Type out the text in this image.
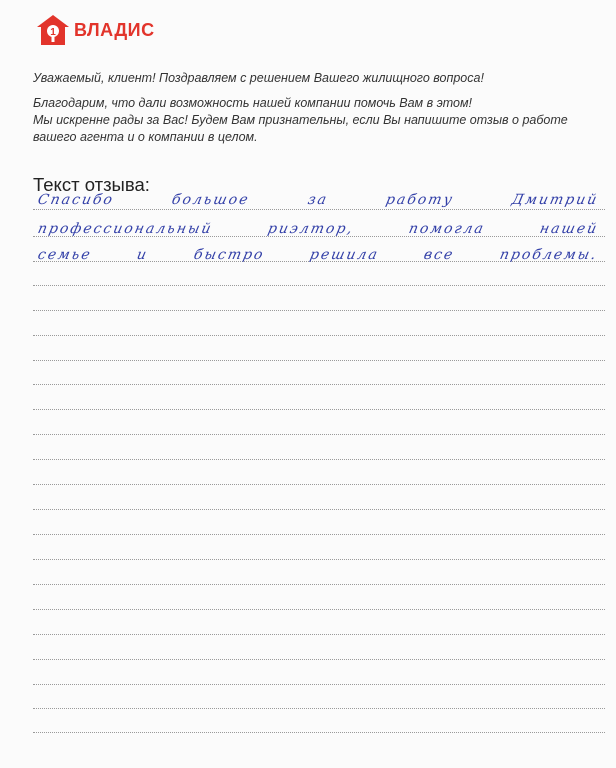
1 ВЛАДИС

Уважаемый, клиент! Поздравляем с решением Вашего жилищного вопроса!

Благодарим, что дали возможность нашей компании помочь Вам в этом!

Мы искренне рады за Вас! Будем Вам признательны, если Вы напишите отзыв о работе вашего агента и о компании в целом.

Текст отзыва:
Спасибо	большое	за	работу	Дмитрий
профессиональный	риэлтор,	помогла	нашей
семье	и	быстро	решила	все	проблемы.
